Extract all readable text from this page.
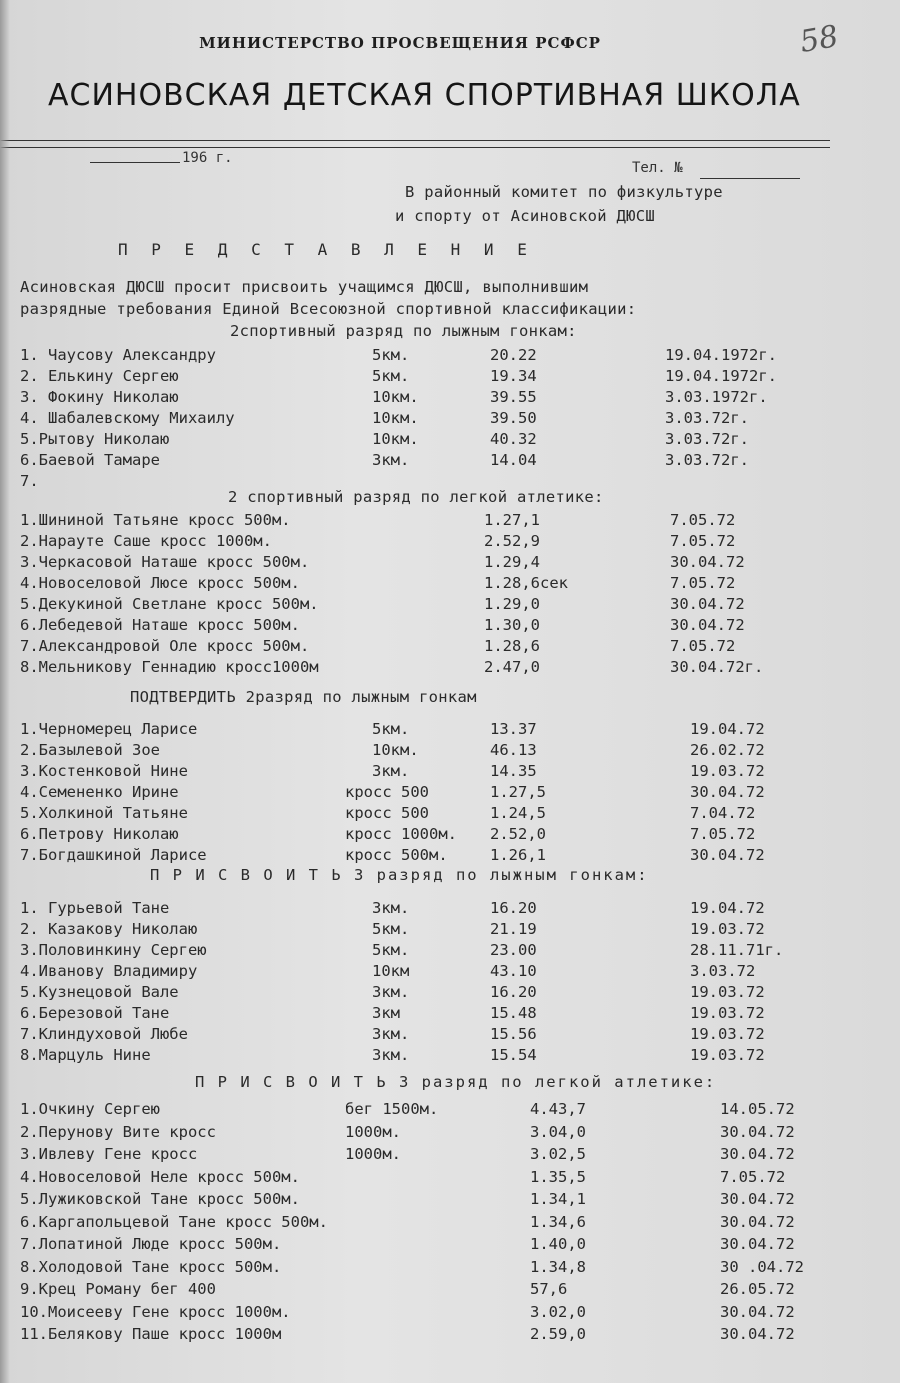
МИНИСТЕРСТВО ПРОСВЕЩЕНИЯ РСФСР
АСИНОВСКАЯ ДЕТСКАЯ СПОРТИВНАЯ ШКОЛА
58
196 г.
Тел. №
В районный комитет по физкультуре
и спорту от Асиновской ДЮСШ
П Р Е Д С Т А В Л Е Н И Е
Асиновская ДЮСШ просит присвоить учащимся ДЮСШ, выполнившим
разрядные требования Единой Всесоюзной спортивной классификации:
2спортивный разряд по лыжным гонкам:
1. Чаусову Александру	5км.	20.22	19.04.1972г.
2. Елькину Сергею	5км.	19.34	19.04.1972г.
3. Фокину Николаю	10км.	39.55	3.03.1972г.
4. Шабалевскому Михаилу	10км.	39.50	3.03.72г.
5.Рытову Николаю	10км.	40.32	3.03.72г.
6.Баевой Тамаре	3км.	14.04	3.03.72г.
7.
2 спортивный разряд по легкой атлетике:
1.Шининой Татьяне кросс 500м.	1.27,1	7.05.72
2.Нарауте Саше кросс 1000м.	2.52,9	7.05.72
3.Черкасовой Наташе кросс 500м.	1.29,4	30.04.72
4.Новоселовой Люсе кросс 500м.	1.28,6сек	7.05.72
5.Декукиной Светлане кросс 500м.	1.29,0	30.04.72
6.Лебедевой Наташе кросс 500м.	1.30,0	30.04.72
7.Александровой Оле кросс 500м.	1.28,6	7.05.72
8.Мельникову Геннадию кросс1000м	2.47,0	30.04.72г.
ПОДТВЕРДИТЬ 2разряд по лыжным гонкам
1.Черномерец Ларисе	5км.	13.37	19.04.72
2.Базылевой Зое	10км.	46.13	26.02.72
3.Костенковой Нине	3км.	14.35	19.03.72
4.Семененко Ирине	кросс 500	1.27,5	30.04.72
5.Холкиной Татьяне	кросс 500	1.24,5	7.04.72
6.Петрову Николаю	кросс 1000м. 2.52,0	7.05.72
7.Богдашкиной Ларисе	кросс 500м.	1.26,1	30.04.72
П Р И С В О И Т Ь 3 разряд по лыжным гонкам:
1. Гурьевой Тане	3км.	16.20	19.04.72
2. Казакову Николаю	5км.	21.19	19.03.72
3.Половинкину Сергею	5км.	23.00	28.11.71г.
4.Иванову Владимиру	10км	43.10	3.03.72
5.Кузнецовой Вале	3км.	16.20	19.03.72
6.Березовой Тане	3км	15.48	19.03.72
7.Клиндуховой Любе	3км.	15.56	19.03.72
8.Марцуль Нине	3км.	15.54	19.03.72
П Р И С В О И Т Ь 3 разряд по легкой атлетике:
1.Очкину Сергею	бег 1500м.	4.43,7	14.05.72
2.Перунову Вите кросс	1000м.	3.04,0	30.04.72
3.Ивлеву Гене кросс	1000м.	3.02,5	30.04.72
4.Новоселовой Неле кросс 500м.	1.35,5	7.05.72
5.Лужиковской Тане кросс 500м.	1.34,1	30.04.72
6.Каргапольцевой Тане кросс 500м.	1.34,6	30.04.72
7.Лопатиной Люде кросс 500м.	1.40,0	30.04.72
8.Холодовой Тане кросс 500м.	1.34,8	30 .04.72
9.Крец Роману бег 400	57,6	26.05.72
10.Моисееву Гене кросс 1000м.	3.02,0	30.04.72
11.Белякову Паше кросс 1000м	2.59,0	30.04.72
